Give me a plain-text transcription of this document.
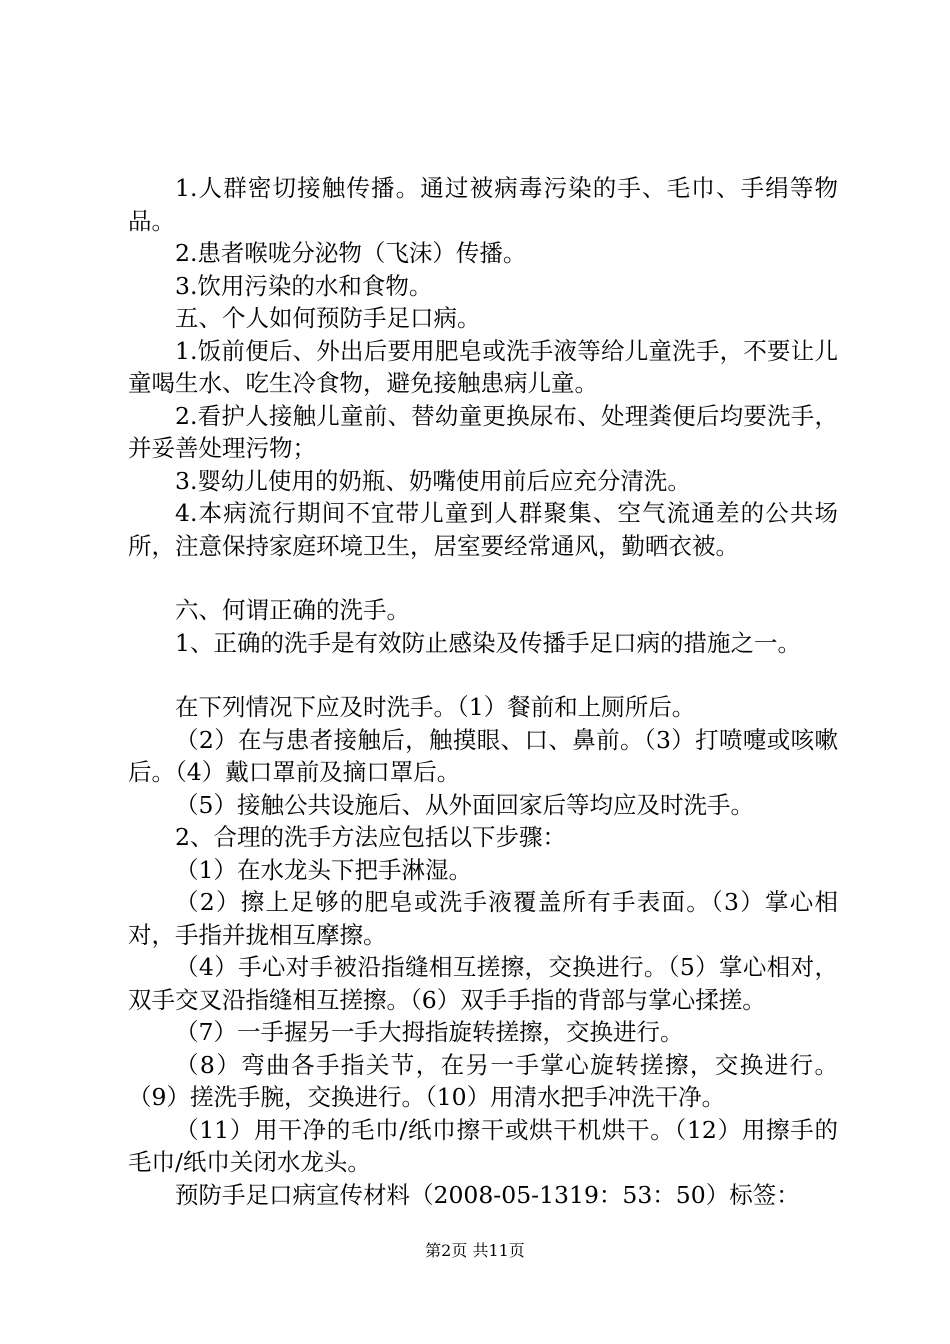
1.人群密切接触传播。通过被病毒污染的手、毛巾、手绢等物品。

2.患者喉咙分泌物（飞沫）传播。

3.饮用污染的水和食物。

五、个人如何预防手足口病。

1.饭前便后、外出后要用肥皂或洗手液等给儿童洗手，不要让儿童喝生水、吃生冷食物，避免接触患病儿童。

2.看护人接触儿童前、替幼童更换尿布、处理粪便后均要洗手，并妥善处理污物；

3.婴幼儿使用的奶瓶、奶嘴使用前后应充分清洗。

4.本病流行期间不宜带儿童到人群聚集、空气流通差的公共场所，注意保持家庭环境卫生，居室要经常通风，勤晒衣被。

六、何谓正确的洗手。

1、正确的洗手是有效防止感染及传播手足口病的措施之一。

在下列情况下应及时洗手。（1）餐前和上厕所后。

（2）在与患者接触后，触摸眼、口、鼻前。（3）打喷嚏或咳嗽后。（4）戴口罩前及摘口罩后。

（5）接触公共设施后、从外面回家后等均应及时洗手。

2、合理的洗手方法应包括以下步骤：

（1）在水龙头下把手淋湿。

（2）擦上足够的肥皂或洗手液覆盖所有手表面。（3）掌心相对，手指并拢相互摩擦。

（4）手心对手被沿指缝相互搓擦，交换进行。（5）掌心相对，双手交叉沿指缝相互搓擦。（6）双手手指的背部与掌心揉搓。

（7）一手握另一手大拇指旋转搓擦，交换进行。

（8）弯曲各手指关节，在另一手掌心旋转搓擦，交换进行。（9）搓洗手腕，交换进行。（10）用清水把手冲洗干净。

（11）用干净的毛巾/纸巾擦干或烘干机烘干。（12）用擦手的毛巾/纸巾关闭水龙头。

预防手足口病宣传材料（2008-05-1319：53：50）标签：

第2页 共11页
